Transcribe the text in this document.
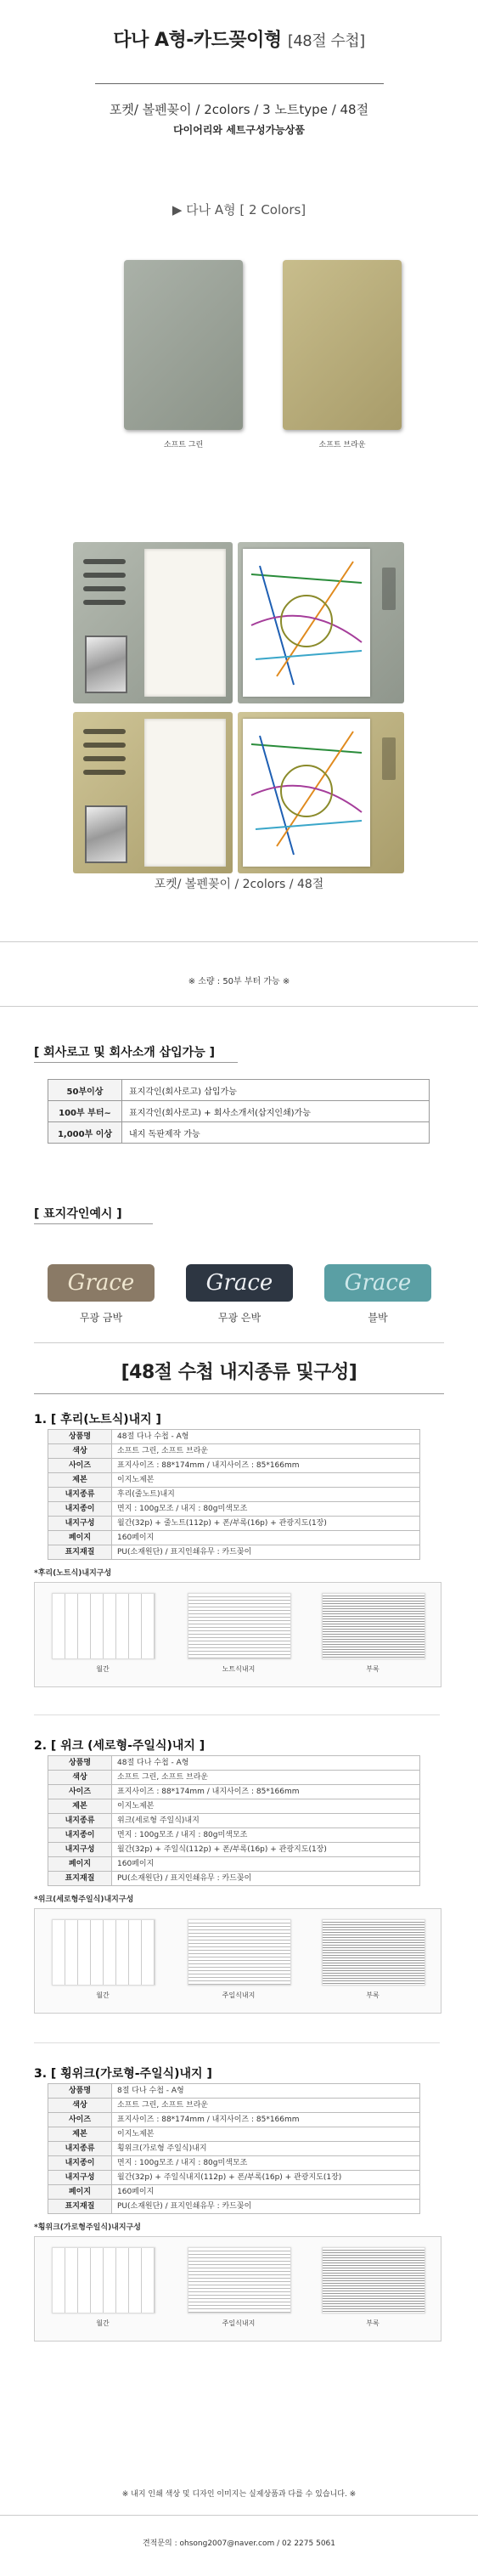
다나 A형-카드꽂이형 [48절 수첩]
포켓/ 볼펜꽂이 / 2colors / 3 노트type / 48절
다이어리와 세트구성가능상품
▶ 다나 A형 [ 2 Colors]
소프트 그린	소프트 브라운
포켓/ 볼펜꽂이 / 2colors / 48절
※ 소량 : 50부 부터 가능 ※
[ 회사로고 및 회사소개 삽입가능 ]
50부이상	표지각인(회사로고) 삽입가능
100부 부터~	표지각인(회사로고) + 회사소개서(삽지인쇄)가능
1,000부 이상	내지 독판제작 가능
[ 표지각인예시 ]
Grace	Grace	Grace
무광 금박	무광 은박	블박
[48절 수첩 내지종류 및구성]
1. [ 후리(노트식)내지 ]
상품명	48절 다나 수첩 - A형
색상	소프트 그린, 소프트 브라운
사이즈	표지사이즈 : 88*174mm / 내지사이즈 : 85*166mm
제본	이지노제본
내지종류	후리(줄노트)내지
내지종이	면지 : 100g모조 / 내지 : 80g미색모조
내지구성	월간(32p) + 줄노트(112p) + 폰/부록(16p) + 관광지도(1장)
페이지	160페이지
표지재질	PU(소재원단) / 표지인쇄유무 : 카드꽂이
*후리(노트식)내지구성
월간	노트식내지	부록
2. [ 위크 (세로형-주일식)내지 ]
상품명	48절 다나 수첩 - A형
색상	소프트 그린, 소프트 브라운
사이즈	표지사이즈 : 88*174mm / 내지사이즈 : 85*166mm
제본	이지노제본
내지종류	위크(세로형 주일식)내지
내지종이	면지 : 100g모조 / 내지 : 80g미색모조
내지구성	월간(32p) + 주일식(112p) + 폰/부록(16p) + 관광지도(1장)
페이지	160페이지
표지재질	PU(소재원단) / 표지인쇄유무 : 카드꽂이
*위크(세로형주일식)내지구성
월간	주일식내지	부록
3. [ 횡위크(가로형-주일식)내지 ]
상품명	8절 다나 수첩 - A형
색상	소프트 그린, 소프트 브라운
사이즈	표지사이즈 : 88*174mm / 내지사이즈 : 85*166mm
제본	이지노제본
내지종류	횡위크(가로형 주일식)내지
내지종이	면지 : 100g모조 / 내지 : 80g미색모조
내지구성	월간(32p) + 주일식내지(112p) + 폰/부록(16p) + 관광지도(1장)
페이지	160페이지
표지재질	PU(소재원단) / 표지인쇄유무 : 카드꽂이
*횡위크(가로형주일식)내지구성
월간	주일식내지	부록
※ 내지 인쇄 색상 및 디자인 이미지는 실제상품과 다를 수 있습니다. ※
견적문의 : ohsong2007@naver.com / 02 2275 5061
